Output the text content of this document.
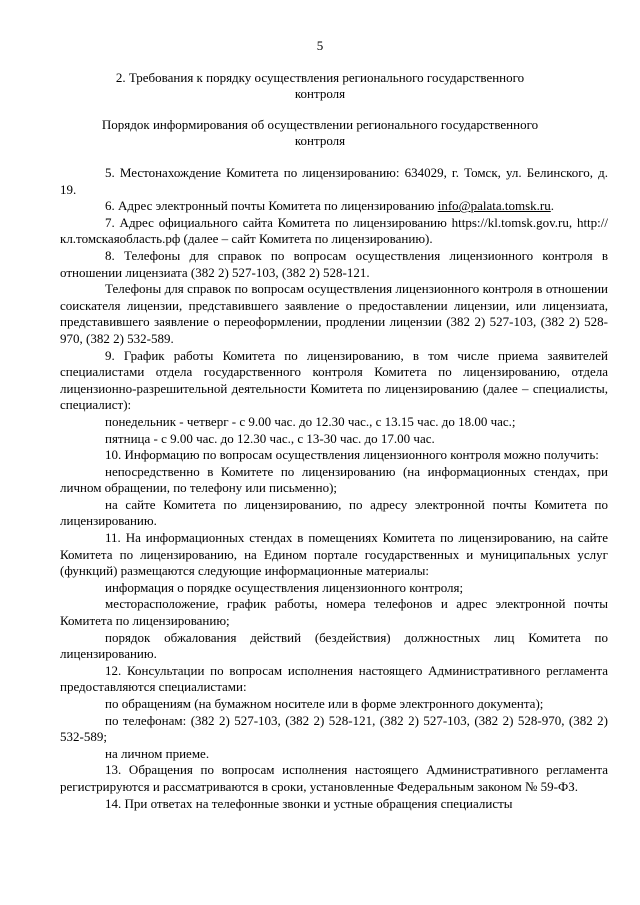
5
2. Требования к порядку осуществления регионального государственного контроля
Порядок информирования об осуществлении регионального государственного контроля

5. Местонахождение Комитета по лицензированию: 634029, г. Томск, ул. Белинского, д. 19.

6. Адрес электронный почты Комитета по лицензированию info@palata.tomsk.ru.

7. Адрес официального сайта Комитета по лицензированию https://kl.tomsk.gov.ru, http://кл.томскаяобласть.рф (далее – сайт Комитета по лицензированию).

8. Телефоны для справок по вопросам осуществления лицензионного контроля в отношении лицензиата (382 2) 527-103, (382 2) 528-121.

Телефоны для справок по вопросам осуществления лицензионного контроля в отношении соискателя лицензии, представившего заявление о предоставлении лицензии, или лицензиата, представившего заявление о переоформлении, продлении лицензии (382 2) 527-103, (382 2) 528-970, (382 2) 532-589.

9. График работы Комитета по лицензированию, в том числе приема заявителей специалистами отдела государственного контроля Комитета по лицензированию, отдела лицензионно-разрешительной деятельности Комитета по лицензированию (далее – специалисты, специалист):

понедельник - четверг - с 9.00 час. до 12.30 час., с 13.15 час. до 18.00 час.;

пятница - с 9.00 час. до 12.30 час., с 13-30 час. до 17.00 час.

10. Информацию по вопросам осуществления лицензионного контроля можно получить:

непосредственно в Комитете по лицензированию (на информационных стендах, при личном обращении, по телефону или письменно);

на сайте Комитета по лицензированию, по адресу электронной почты Комитета по лицензированию.

11. На информационных стендах в помещениях Комитета по лицензированию, на сайте Комитета по лицензированию, на Едином портале государственных и муниципальных услуг (функций) размещаются следующие информационные материалы:

информация о порядке осуществления лицензионного контроля;

месторасположение, график работы, номера телефонов и адрес электронной почты Комитета по лицензированию;

порядок обжалования действий (бездействия) должностных лиц Комитета по лицензированию.

12. Консультации по вопросам исполнения настоящего Административного регламента предоставляются специалистами:

по обращениям (на бумажном носителе или в форме электронного документа);

по телефонам: (382 2) 527-103, (382 2) 528-121, (382 2) 527-103, (382 2) 528-970, (382 2) 532-589;

на личном приеме.

13. Обращения по вопросам исполнения настоящего Административного регламента регистрируются и рассматриваются в сроки, установленные Федеральным законом № 59-ФЗ.

14. При ответах на телефонные звонки и устные обращения специалисты
